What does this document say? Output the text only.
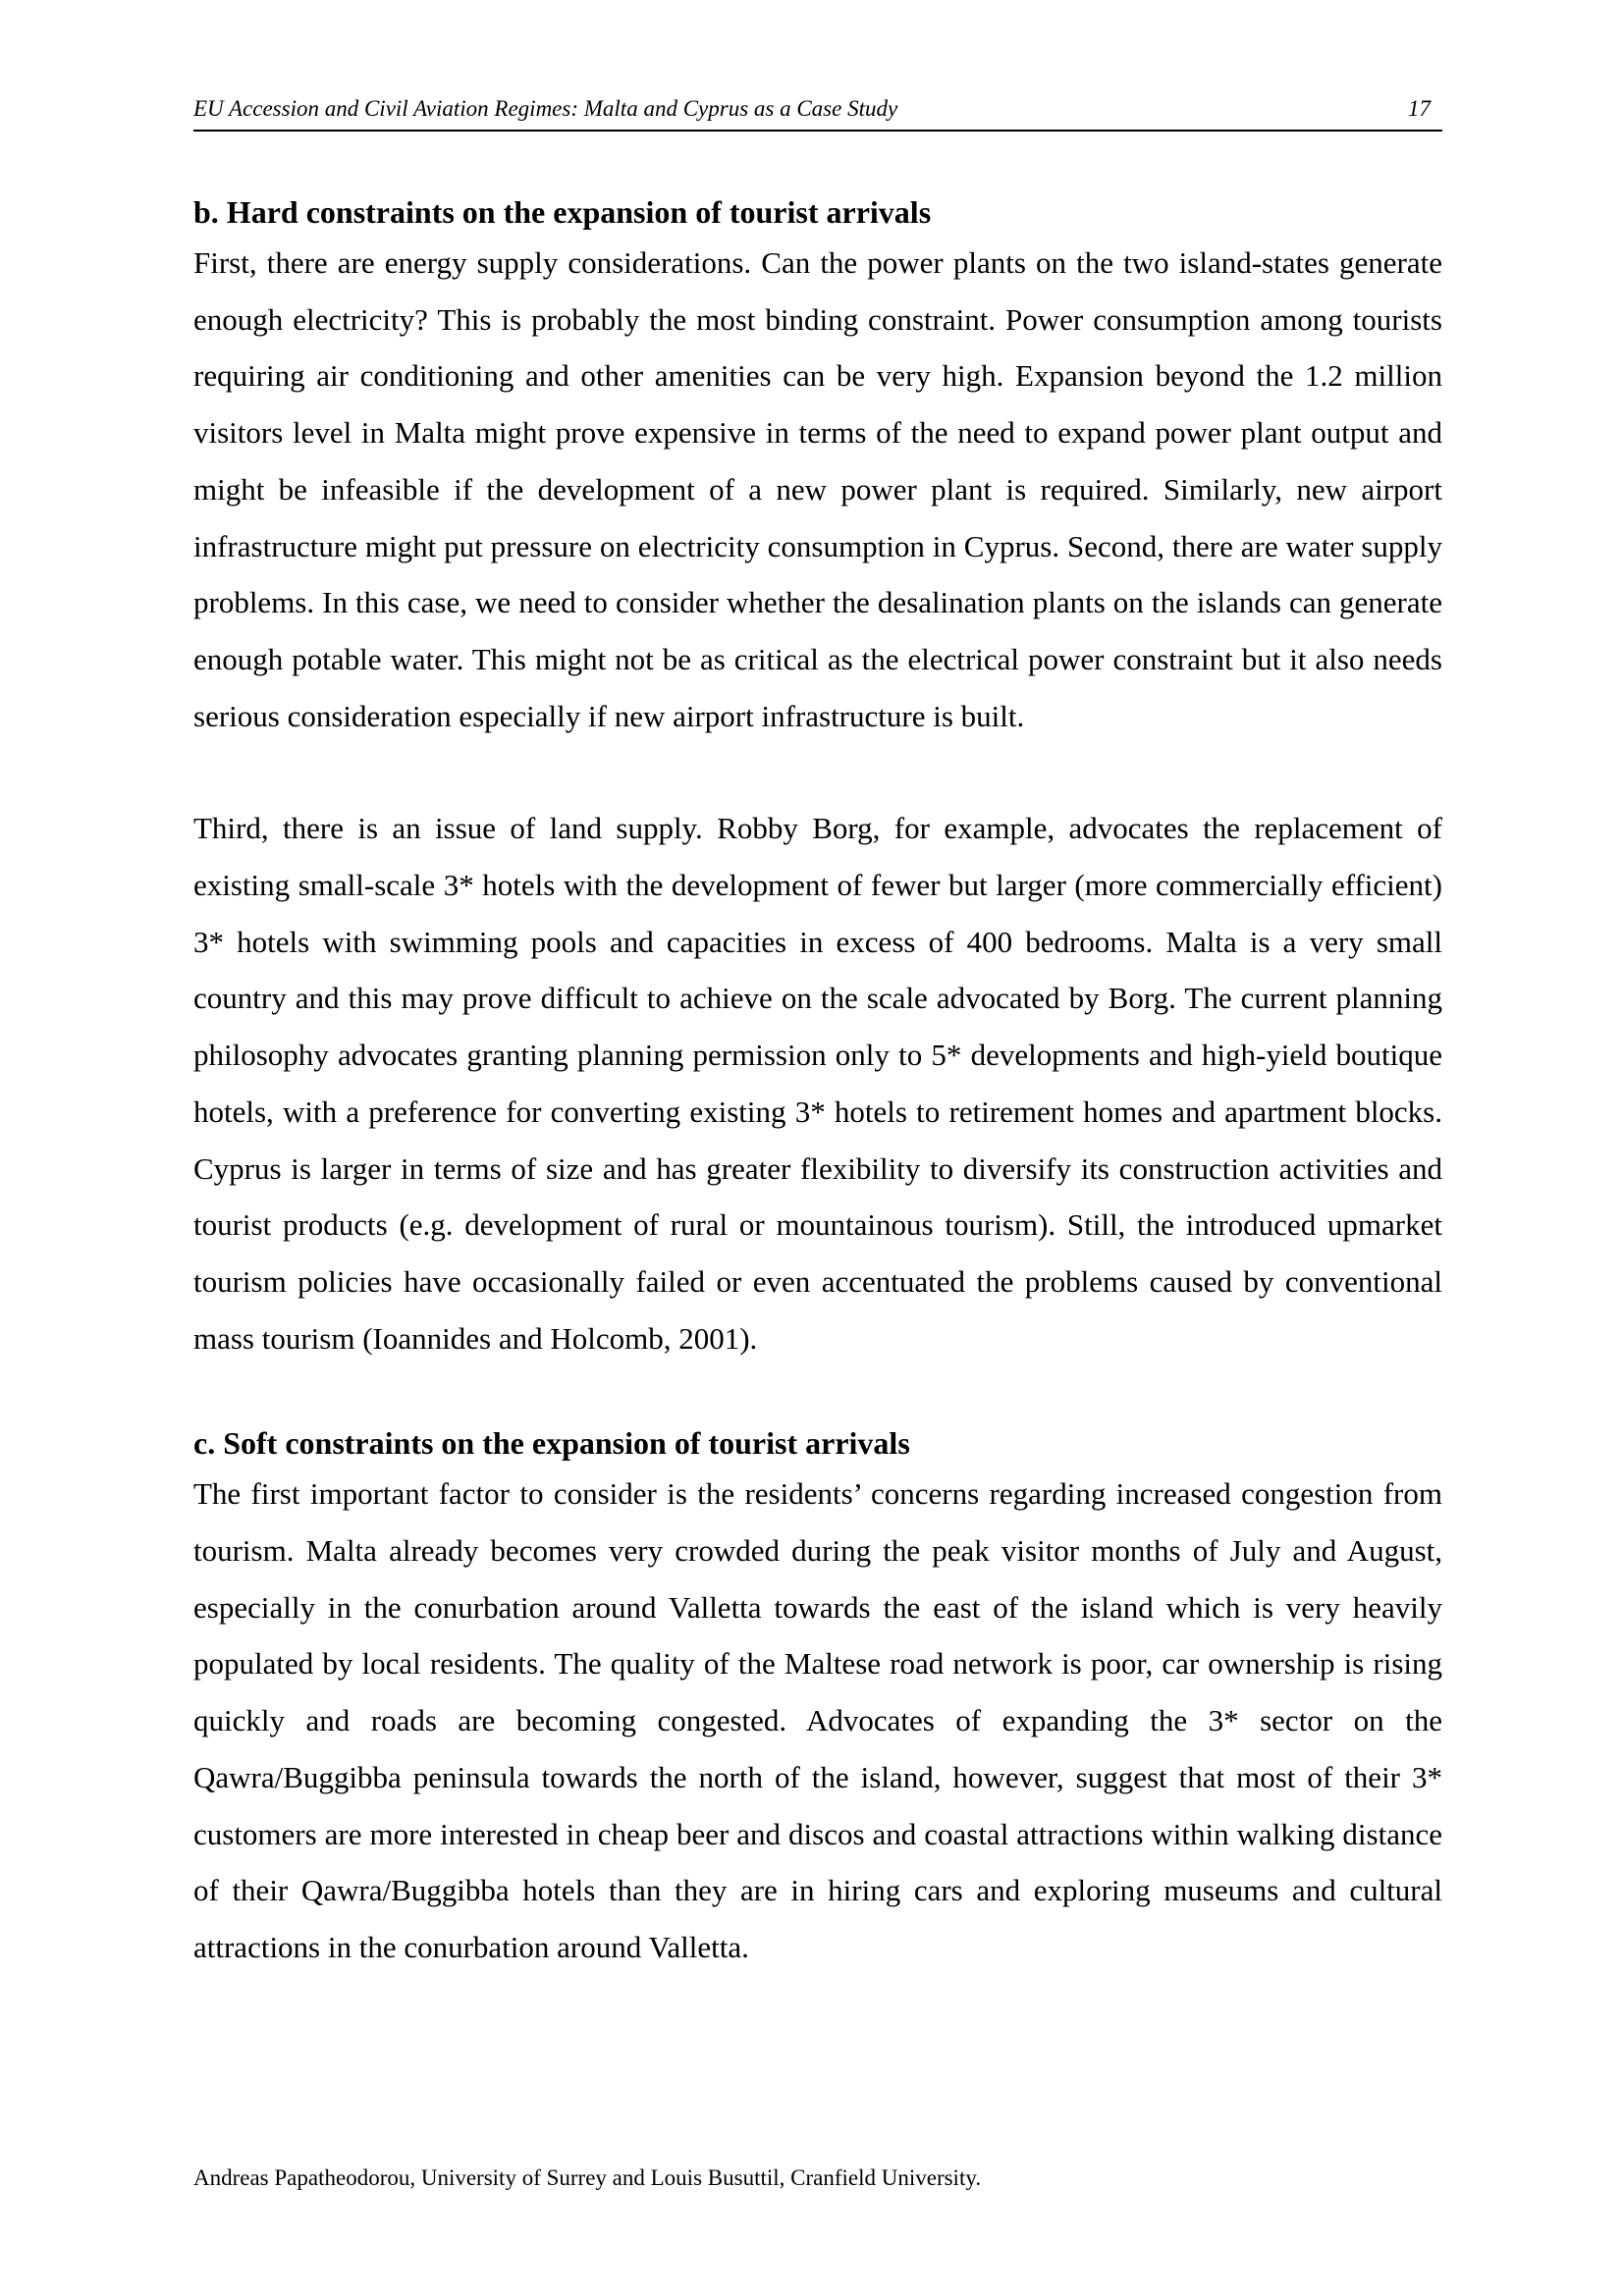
EU Accession and Civil Aviation Regimes: Malta and Cyprus as a Case Study	17
b. Hard constraints on the expansion of tourist arrivals

First, there are energy supply considerations. Can the power plants on the two island-states generate enough electricity? This is probably the most binding constraint. Power consumption among tourists requiring air conditioning and other amenities can be very high. Expansion beyond the 1.2 million visitors level in Malta might prove expensive in terms of the need to expand power plant output and might be infeasible if the development of a new power plant is required. Similarly, new airport infrastructure might put pressure on electricity consumption in Cyprus. Second, there are water supply problems. In this case, we need to consider whether the desalination plants on the islands can generate enough potable water. This might not be as critical as the electrical power constraint but it also needs serious consideration especially if new airport infrastructure is built.

Third, there is an issue of land supply. Robby Borg, for example, advocates the replacement of existing small-scale 3* hotels with the development of fewer but larger (more commercially efficient) 3* hotels with swimming pools and capacities in excess of 400 bedrooms. Malta is a very small country and this may prove difficult to achieve on the scale advocated by Borg. The current planning philosophy advocates granting planning permission only to 5* developments and high-yield boutique hotels, with a preference for converting existing 3* hotels to retirement homes and apartment blocks. Cyprus is larger in terms of size and has greater flexibility to diversify its construction activities and tourist products (e.g. development of rural or mountainous tourism). Still, the introduced upmarket tourism policies have occasionally failed or even accentuated the problems caused by conventional mass tourism (Ioannides and Holcomb, 2001).

c. Soft constraints on the expansion of tourist arrivals

The first important factor to consider is the residents’ concerns regarding increased congestion from tourism. Malta already becomes very crowded during the peak visitor months of July and August, especially in the conurbation around Valletta towards the east of the island which is very heavily populated by local residents. The quality of the Maltese road network is poor, car ownership is rising quickly and roads are becoming congested. Advocates of expanding the 3* sector on the Qawra/Buggibba peninsula towards the north of the island, however, suggest that most of their 3* customers are more interested in cheap beer and discos and coastal attractions within walking distance of their Qawra/Buggibba hotels than they are in hiring cars and exploring museums and cultural attractions in the conurbation around Valletta.

Andreas Papatheodorou, University of Surrey and Louis Busuttil, Cranfield University.
